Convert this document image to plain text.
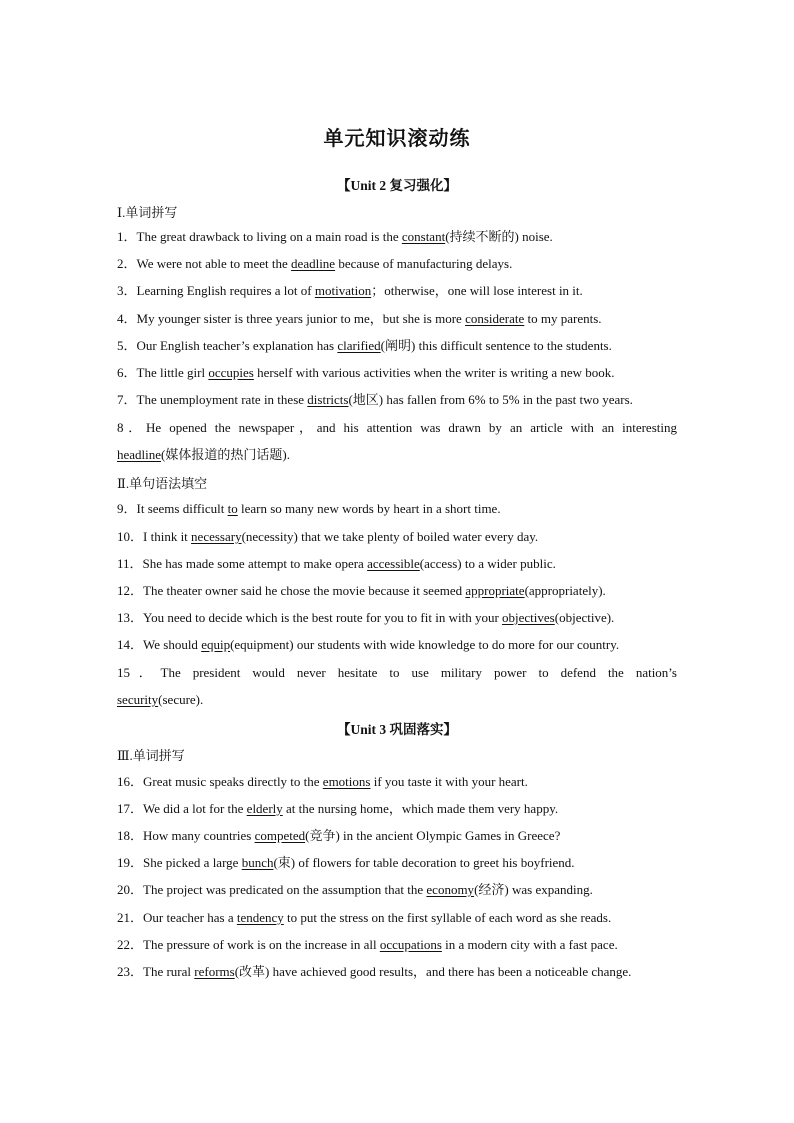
单元知识滚动练
【Unit 2 复习强化】
Ⅰ.单词拼写
1．The great drawback to living on a main road is the constant(持续不断的) noise.
2．We were not able to meet the deadline because of manufacturing delays.
3．Learning English requires a lot of motivation；otherwise，one will lose interest in it.
4．My younger sister is three years junior to me，but she is more considerate to my parents.
5．Our English teacher’s explanation has clarified(阐明) this difficult sentence to the students.
6．The little girl occupies herself with various activities when the writer is writing a new book.
7．The unemployment rate in these districts(地区) has fallen from 6% to 5% in the past two years.
8．He opened the newspaper，and his attention was drawn by an article with an interesting
headline(媒体报道的热门话题).
9．It seems difficult to learn so many new words by heart in a short time.
10．I think it necessary(necessity) that we take plenty of boiled water every day.
11．She has made some attempt to make opera accessible(access) to a wider public.
12．The theater owner said he chose the movie because it seemed appropriate(appropriately).
13．You need to decide which is the best route for you to fit in with your objectives(objective).
14．We should equip(equipment) our students with wide knowledge to do more for our country.
15．The president would never hesitate to use military power to defend the nation’s
security(secure).
16．Great music speaks directly to the emotions if you taste it with your heart.
17．We did a lot for the elderly at the nursing home，which made them very happy.
18．How many countries competed(竞争) in the ancient Olympic Games in Greece?
19．She picked a large bunch(束) of flowers for table decoration to greet his boyfriend.
20．The project was predicated on the assumption that the economy(经济) was expanding.
21．Our teacher has a tendency to put the stress on the first syllable of each word as she reads.
22．The pressure of work is on the increase in all occupations in a modern city with a fast pace.
23．The rural reforms(改革) have achieved good results，and there has been a noticeable change.
Ⅱ.单句语法填空
【Unit 3 巩固落实】
Ⅲ.单词拼写
